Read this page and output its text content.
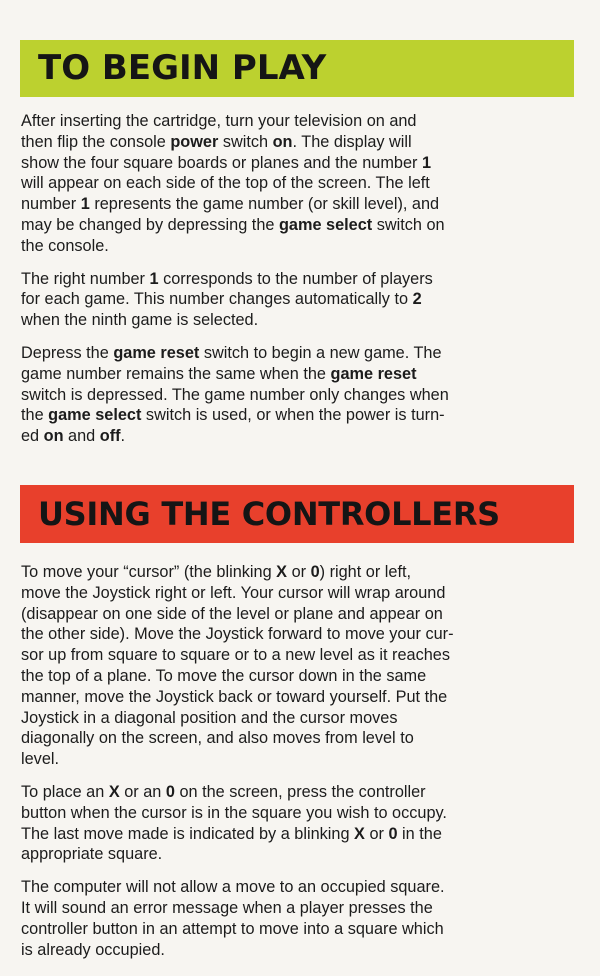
TO BEGIN PLAY

After inserting the cartridge, turn your television on and
then flip the console power switch on. The display will
show the four square boards or planes and the number 1
will appear on each side of the top of the screen. The left
number 1 represents the game number (or skill level), and
may be changed by depressing the game select switch on
the console.

The right number 1 corresponds to the number of players
for each game. This number changes automatically to 2
when the ninth game is selected.

Depress the game reset switch to begin a new game. The
game number remains the same when the game reset
switch is depressed. The game number only changes when
the game select switch is used, or when the power is turn-
ed on and off.

USING THE CONTROLLERS

To move your “cursor” (the blinking X or 0) right or left,
move the Joystick right or left. Your cursor will wrap around
(disappear on one side of the level or plane and appear on
the other side). Move the Joystick forward to move your cur-
sor up from square to square or to a new level as it reaches
the top of a plane. To move the cursor down in the same
manner, move the Joystick back or toward yourself. Put the
Joystick in a diagonal position and the cursor moves
diagonally on the screen, and also moves from level to
level.

To place an X or an 0 on the screen, press the controller
button when the cursor is in the square you wish to occupy.
The last move made is indicated by a blinking X or 0 in the
appropriate square.

The computer will not allow a move to an occupied square.
It will sound an error message when a player presses the
controller button in an attempt to move into a square which
is already occupied.
